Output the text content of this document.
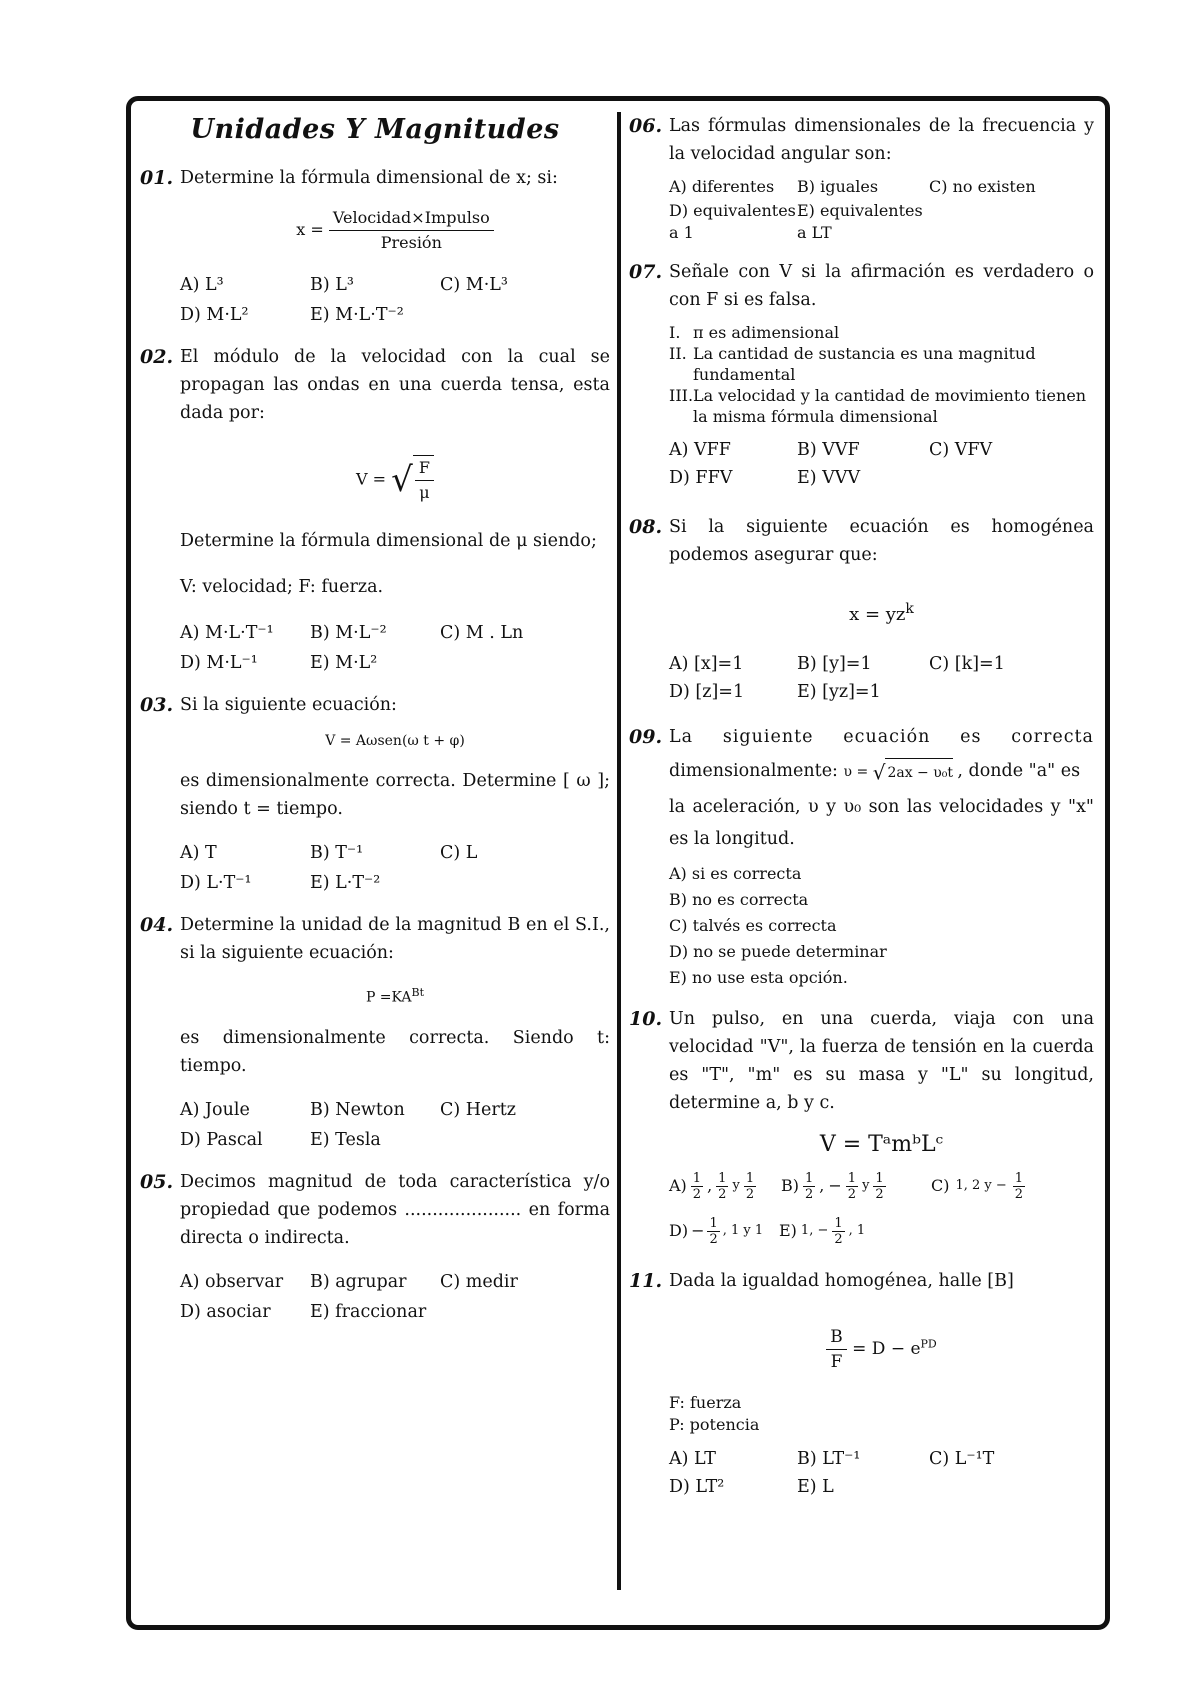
Unidades Y Magnitudes
01. Determine la fórmula dimensional de x; si:
$x = \frac{\text{Velocidad×Impulso}}{\text{Presión}}$
A) L³	B) L³	C) M·L³
D) M·L²	E) M·L·T⁻²
02. El módulo de la velocidad con la cual se propagan las ondas en una cuerda tensa, esta dada por:
V = √ $\frac{F}{\mu}$
Determine la fórmula dimensional de μ siendo;
V: velocidad; F: fuerza.
A) M·L·T⁻¹	B) M·L⁻²	C) M . Ln
D) M·L⁻¹	E) M·L²
03. Si la siguiente ecuación:
V = Aωsen(ω t + φ)
es dimensionalmente correcta. Determine [ ω ]; siendo t = tiempo.
A) T	B) T⁻¹	C) L
D) L·T⁻¹	E) L·T⁻²
04. Determine la unidad de la magnitud B en el S.I., si la siguiente ecuación:
$P =KA^{Bt}$
es dimensionalmente correcta. Siendo t: tiempo.
A) Joule	B) Newton	C) Hertz
D) Pascal	E) Tesla
05. Decimos magnitud de toda característica y/o propiedad que podemos ..................... en forma directa o indirecta.
A) observar	B) agrupar	C) medir
D) asociar	E) fraccionar
06. Las fórmulas dimensionales de la frecuencia y la velocidad angular son:
A) diferentes	B) iguales	C) no existen
D) equivalentes a 1
E) equivalentes a LT
07. Señale con V si la afirmación es verdadero o con F si es falsa.
I. π es adimensional
II. La cantidad de sustancia es una magnitud fundamental
III. La velocidad y la cantidad de movimiento tienen la misma fórmula dimensional
A) VFF	B) VVF	C) VFV
D) FFV	E) VVV
08. Si la siguiente ecuación es homogénea podemos asegurar que:
$x = yz^k$
A) [x]=1	B) [y]=1	C) [k]=1
D) [z]=1	E) [yz]=1
09. La siguiente ecuación es correcta
dimensionalmente: υ = √ 2ax − υ₀t , donde "a" es
la aceleración, υ y υ₀ son las velocidades y "x" es la longitud.
A) si es correcta
B) no es correcta
C) talvés es correcta
D) no se puede determinar
E) no use esta opción.
10. Un pulso, en una cuerda, viaja con una velocidad "V", la fuerza de tensión en la cuerda es "T", "m" es su masa y "L" su longitud, determine a, b y c.
V = TᵃmᵇLᶜ
$A) \frac{1}{2}$ , $\frac{1}{2}$ y $\frac{1}{2} B) \frac{1}{2}$ , − $\frac{1}{2}$ y $\frac{1}{2}$	C) 1, 2 $y - \frac{1}{2}$
$D) - \frac{1}{2}$ , 1 y 1 E) 1, − $\frac{1}{2}$ , 1
11. Dada la igualdad homogénea, halle [B]
$\frac{B}{F} = D - e^{PD}$
F: fuerza
P: potencia
A) LT	B) LT⁻¹	C) L⁻¹T
D) LT²	E) L
